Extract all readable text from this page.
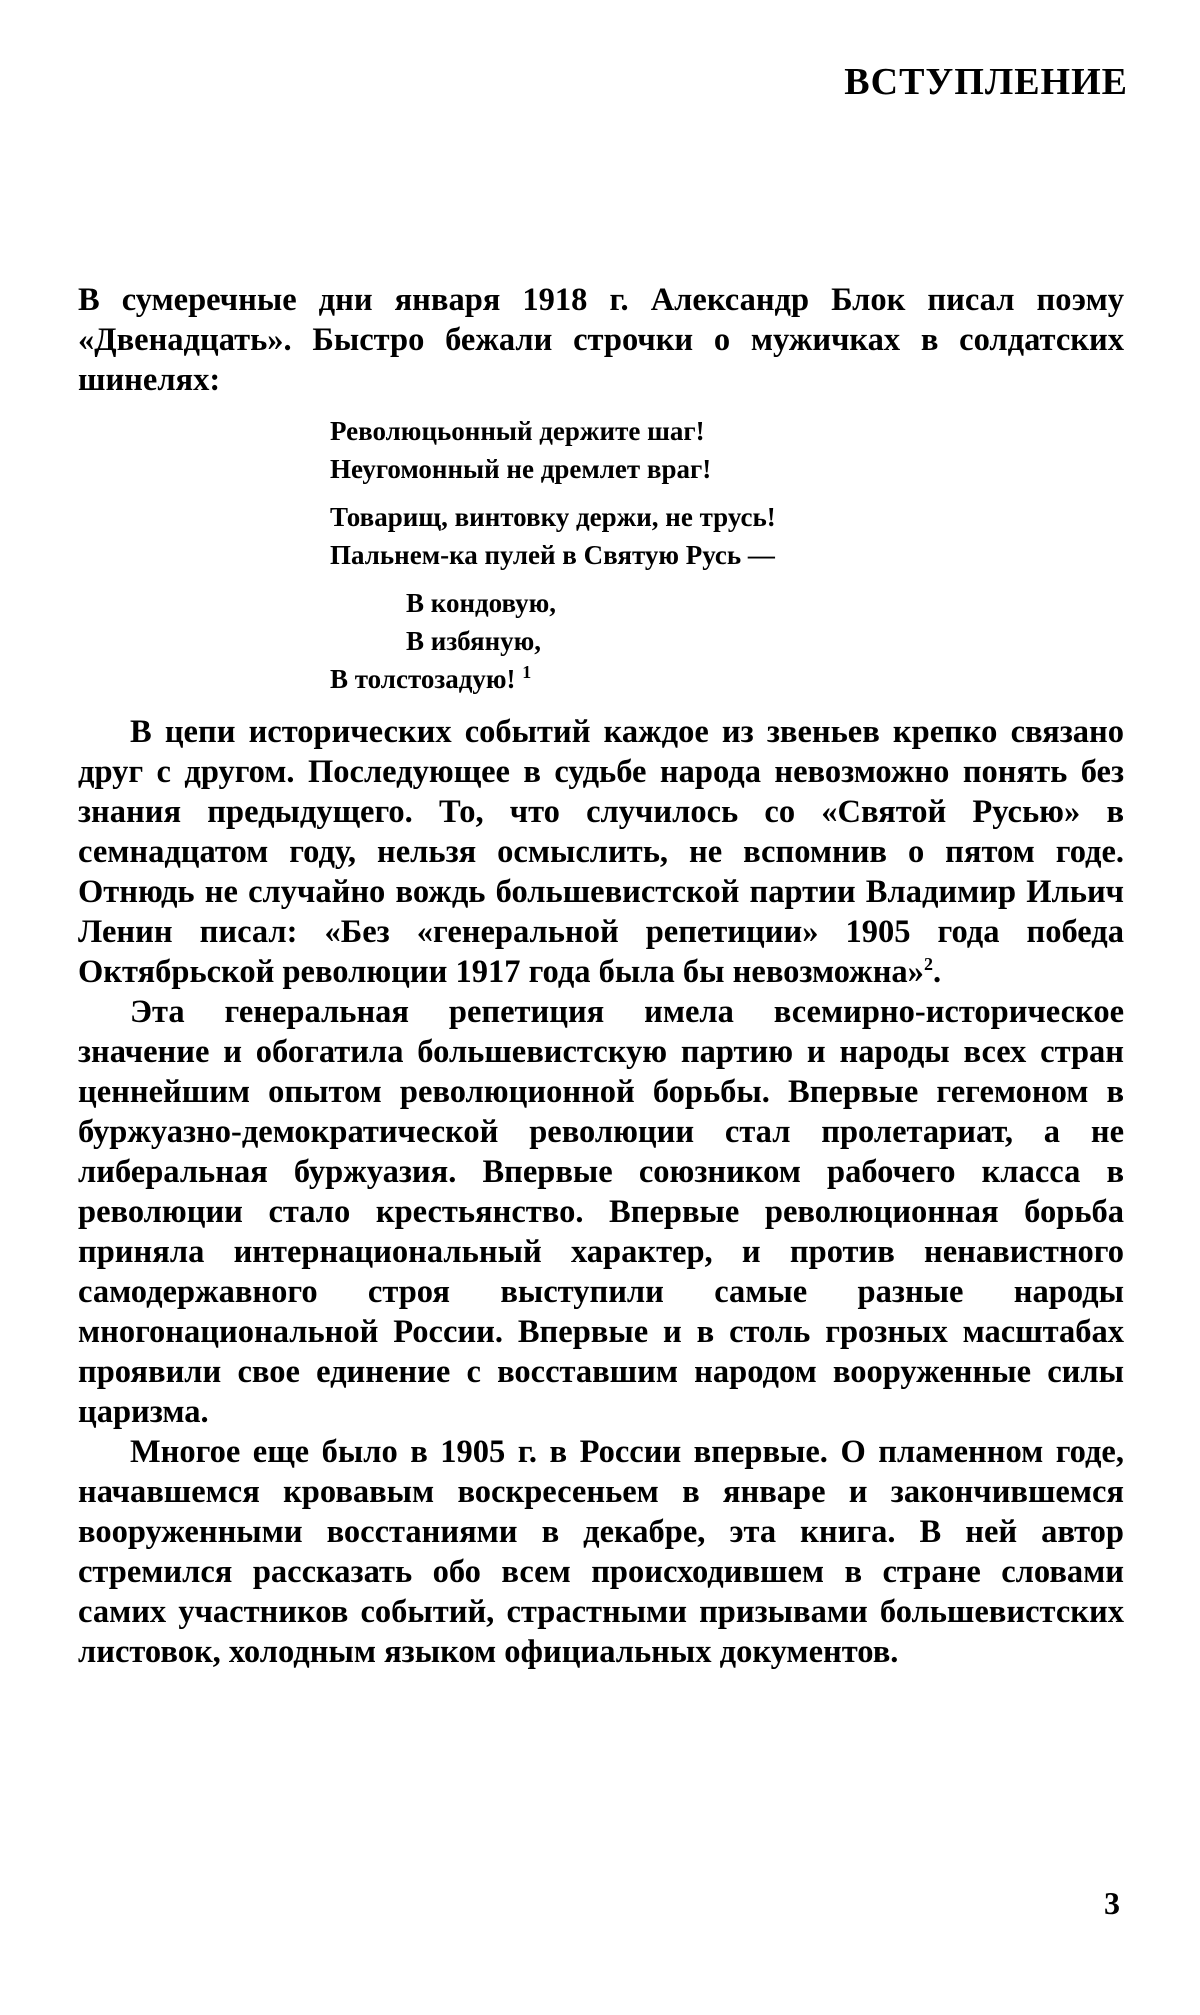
ВСТУПЛЕНИЕ

В сумеречные дни января 1918 г. Александр Блок писал поэму «Двенадцать». Быстро бежали строчки о мужичках в солдатских шинелях:

Революцьонный держите шаг!
Неугомонный не дремлет враг!
Товарищ, винтовку держи, не трусь!
Пальнем-ка пулей в Святую Русь —
В кондовую,
В избяную,
В толстозадую! $^1$

В цепи исторических событий каждое из звеньев крепко связано друг с другом. Последующее в судьбе народа невозможно понять без знания предыдущего. То, что случилось со «Святой Русью» в семнадцатом году, нельзя осмыслить, не вспомнив о пятом годе. Отнюдь не случайно вождь большевистской партии Владимир Ильич Ленин писал: «Без «генеральной репетиции» 1905 года победа Октябрьской революции 1917 года была бы невозможна»$^2$.

Эта генеральная репетиция имела всемирно-историческое значение и обогатила большевистскую партию и народы всех стран ценнейшим опытом революционной борьбы. Впервые гегемоном в буржуазно-демократической революции стал пролетариат, а не либеральная буржуазия. Впервые союзником рабочего класса в революции стало крестьянство. Впервые революционная борьба приняла интернациональный характер, и против ненавистного самодержавного строя выступили самые разные народы многонациональной России. Впервые и в столь грозных масштабах проявили свое единение с восставшим народом вооруженные силы царизма.

Многое еще было в 1905 г. в России впервые. О пламенном годе, начавшемся кровавым воскресеньем в январе и закончившемся вооруженными восстаниями в декабре, эта книга. В ней автор стремился рассказать обо всем происходившем в стране словами самих участников событий, страстными призывами большевистских листовок, холодным языком официальных документов.

3
